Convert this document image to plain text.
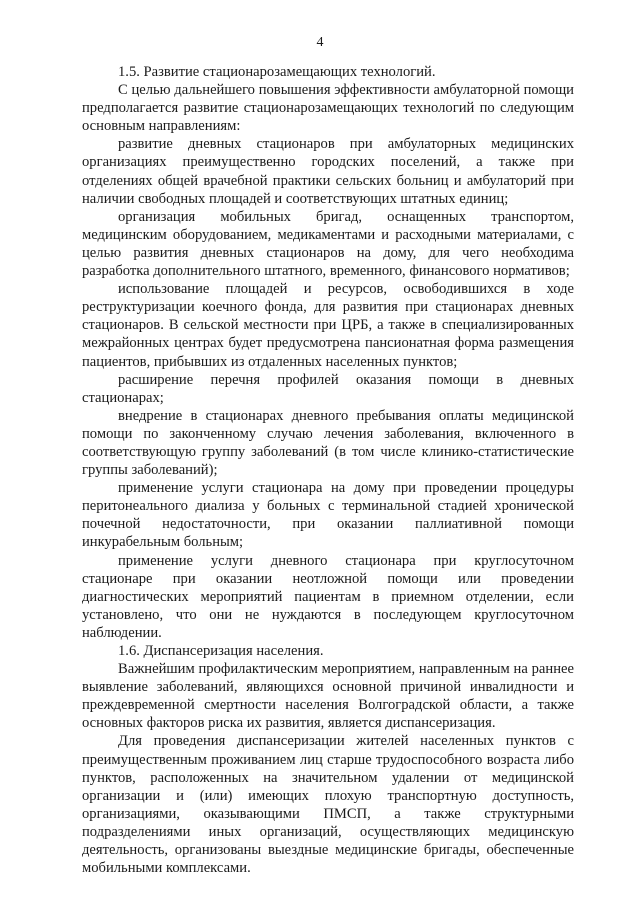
4

1.5. Развитие стационарозамещающих технологий.

С целью дальнейшего повышения эффективности амбулаторной помощи предполагается развитие стационарозамещающих технологий по следующим основным направлениям:

развитие дневных стационаров при амбулаторных медицинских организациях преимущественно городских поселений, а также при отделениях общей врачебной практики сельских больниц и амбулаторий при наличии свободных площадей и соответствующих штатных единиц;

организация мобильных бригад, оснащенных транспортом, медицинским оборудованием, медикаментами и расходными материалами, с целью развития дневных стационаров на дому, для чего необходима разработка дополнительного штатного, временного, финансового нормативов;

использование площадей и ресурсов, освободившихся в ходе реструктуризации коечного фонда, для развития при стационарах дневных стационаров. В сельской местности при ЦРБ, а также в специализированных межрайонных центрах будет предусмотрена пансионатная форма размещения пациентов, прибывших из отдаленных населенных пунктов;

расширение перечня профилей оказания помощи в дневных стационарах;

внедрение в стационарах дневного пребывания оплаты медицинской помощи по законченному случаю лечения заболевания, включенного в соответствующую группу заболеваний (в том числе клинико-статистические группы заболеваний);

применение услуги стационара на дому при проведении процедуры перитонеального диализа у больных с терминальной стадией хронической почечной недостаточности, при оказании паллиативной помощи инкурабельным больным;

применение услуги дневного стационара при круглосуточном стационаре при оказании неотложной помощи или проведении диагностических мероприятий пациентам в приемном отделении, если установлено, что они не нуждаются в последующем круглосуточном наблюдении.

1.6. Диспансеризация населения.

Важнейшим профилактическим мероприятием, направленным на раннее выявление заболеваний, являющихся основной причиной инвалидности и преждевременной смертности населения Волгоградской области, а также основных факторов риска их развития, является диспансеризация.

Для проведения диспансеризации жителей населенных пунктов с преимущественным проживанием лиц старше трудоспособного возраста либо пунктов, расположенных на значительном удалении от медицинской организации и (или) имеющих плохую транспортную доступность, организациями, оказывающими ПМСП, а также структурными подразделениями иных организаций, осуществляющих медицинскую деятельность, организованы выездные медицинские бригады, обеспеченные мобильными комплексами.
